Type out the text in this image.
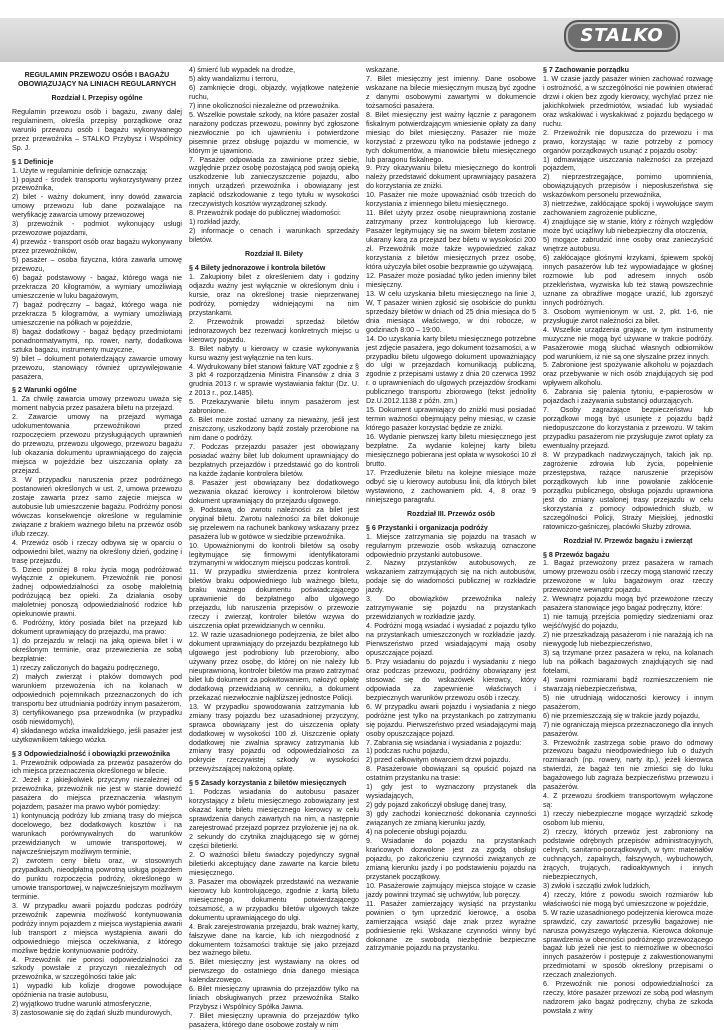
STALKO
REGULAMIN PRZEWOZU OSÓB I BAGAŻU OBOWIĄZUJĄCY NA LINIACH REGULARNYCH
Rozdział I. Przepisy ogólne
Regulamin przewozu osób i bagażu, zwany dalej regulaminem, określa przepisy porządkowe oraz warunki przewozu osób i bagażu wykonywanego przez przewoźnika – STALKO Przybysz i Wspólnicy Sp. J.
§ 1 Definicje
1. Użyte w regulaminie definicje oznaczają:
1) pojazd - środek transportu wykorzystywany przez przewoźnika,
2) bilet - ważny dokument, inny dowód zawarcia umowy przewozu lub dane pozwalające na weryfikację zawarcia umowy przewozowej
3) przewoźnik - podmiot wykonujący usługi przewozowe pojazdami,
4) przewóz - transport osób oraz bagażu wykonywany przez przewoźników,
5) pasażer – osoba fizyczna, która zawarła umowę przewozu,
6) bagaż podstawowy - bagaż, którego waga nie przekracza 20 kilogramów, a wymiary umożliwiają umieszczenie w luku bagażowym,
7) bagaż podręczny – bagaż, którego waga nie przekracza 5 kilogramów, a wymiary umożliwiają umieszczenie na półkach w pojeździe,
8) bagaż dodatkowy - bagaż będący przedmiotami ponadnormatywnymi, np. rower, narty, dodatkowa sztuka bagażu, instrumenty muzyczne,
9) bilet – dokument potwierdzający zawarcie umowy przewozu, stanowiący również uprzywilejowanie pasażera,
§ 2 Warunki ogólne
1. Za chwilę zawarcia umowy przewozu uważa się moment nabycia przez pasażera biletu na przejazd.
2. Zawarcie umowy na przejazd wymaga udokumentowania przewoźnikowi przed rozpoczęciem przewozu przysługujących uprawnień do przewozu, przewozu ulgowego, przewozu bagażu lub okazania dokumentu uprawniającego do zajęcia miejsca w pojeździe bez uiszczania opłaty za przejazd.
3. W przypadku naruszenia przez podróżnego postanowień określonych w ust. 2, umowa przewozu zostaje zawarta przez samo zajęcie miejsca w autobusie lub umieszczenie bagażu. Podróżny ponosi wówczas konsekwencje określone w regulaminie związane z brakiem ważnego biletu na przewóz osób i/lub rzeczy.
4. Przewóz osób i rzeczy odbywa się w oparciu o odpowiedni bilet, ważny na określony dzień, godzinę i trasę przejazdu.
5. Dzieci poniżej 8 roku życia mogą podróżować wyłącznie z opiekunem. Przewoźnik nie ponosi żadnej odpowiedzialności za osobę małoletnią podróżującą bez opieki. Za działania osoby małoletniej ponoszą odpowiedzialność rodzice lub opiekunowie prawni.
6. Podróżny, który posiada bilet na przejazd lub dokument uprawniający do przejazdu, ma prawo:
1) do przejazdu w relacji na jaką opiewa bilet i w określonym terminie, oraz przewiezienia ze sobą bezpłatnie:
1) rzeczy zaliczonych do bagażu podręcznego,
2) małych zwierząt i ptaków domowych pod warunkiem przewożenia ich na kolanach w odpowiednich pojemnikach przeznaczonych do ich transportu bez utrudniania podróży innym pasażerom,
3) certyfikowanego psa przewodnika (w przypadku osób niewidomych),
4) składanego wózka inwalidzkiego, jeśli pasażer jest użytkownikiem takiego wózka.
§ 3 Odpowiedzialność i obowiązki przewoźnika
1. Przewoźnik odpowiada za przewóz pasażerów do ich miejsca przeznaczenia określonego w bilecie.
2. Jeżeli z jakiejkolwiek przyczyny niezależnej od przewoźnika, przewoźnik nie jest w stanie dowieźć pasażera do miejsca przeznaczenia własnym pojazdem, pasażer ma prawo wybór pomiędzy:
1) kontynuacją podróży lub zmianą trasy do miejsca docelowego, bez dodatkowych kosztów i na warunkach porównywalnych do warunków przewidzianych w umowie transportowej, w najwcześniejszym możliwym terminie,
2) zwrotem ceny biletu oraz, w stosownych przypadkach, nieodpłatną powrotną usługą pojazdem do punktu rozpoczęcia podróży, określonego w umowie transportowej, w najwcześniejszym możliwym terminie.
3. W przypadku awarii pojazdu podczas podróży przewoźnik zapewnia możliwość kontynuowania podróży innym pojazdem z miejsca wystąpienia awarii lub transport z miejsca wystąpienia awarii do odpowiedniego miejsca oczekiwania, z którego możliwe będzie kontynuowanie podróży.
4. Przewoźnik nie ponosi odpowiedzialności za szkody powstałe z przyczyn niezależnych od przewoźnika, w szczególności takie jak:
1) wypadki lub kolizje drogowe powodujące opóźnienia na trasie autobusu,
2) wyjątkowo trudne warunki atmosferyczne,
3) zastosowanie się do żądań służb mundurowych,
4) śmierć lub wypadek na drodze,
5) akty wandalizmu i terroru,
6) zamknięcie drogi, objazdy, wyjątkowe natężenie ruchu,
7) inne okoliczności niezależne od przewoźnika.
5. Wszelkie powstałe szkody, na które pasażer został narażony podczas przewozu, powinny być zgłoszone niezwłocznie po ich ujawnieniu i potwierdzone pisemnie przez obsługę pojazdu w momencie, w którym je ujawniono.
7. Pasażer odpowiada za zawinione przez siebie, względnie przez osobę pozostającą pod swoją opieką uszkodzenie lub zanieczyszczenie pojazdu, albo innych urządzeń przewoźnika i obowiązany jest zapłacić odszkodowanie z tego tytułu w wysokości rzeczywistych kosztów wyrządzonej szkody.
8. Przewoźnik podaje do publicznej wiadomości:
1) rozkład jazdy,
2) informacje o cenach i warunkach sprzedaży biletów.
Rozdział II. Bilety
§ 4 Bilety jednorazowe i kontrola biletów
1. Zakupiony bilet z określeniem daty i godziny odjazdu ważny jest wyłącznie w określonym dniu i kursie, oraz na określonej trasie nieprzerwanej podróży, pomiędzy widniejącymi na nim przystankami.
2. Przewoźnik prowadzi sprzedaż biletów jednorazowych bez rezerwacji konkretnych miejsc u kierowcy pojazdu.
3. Bilet nabyty u kierowcy w czasie wykonywania kursu ważny jest wyłącznie na ten kurs.
4. Wydrukowany bilet stanowi fakturę VAT zgodnie z § 3 pkt 4 rozporządzenia Ministra Finansów z dnia 3 grudnia 2013 r. w sprawie wystawiania faktur (Dz. U. z 2013 r., poz.1485).
5. Przekazywanie biletu innym pasażerom jest zabronione.
6. Bilet może zostać uznany za nieważny, jeśli jest zniszczony, uszkodzony bądź zostały przerobione na nim dane o podróży.
7. Podczas przejazdu pasażer jest obowiązany posiadać ważny bilet lub dokument uprawniający do bezpłatnych przejazdów i przedstawić go do kontroli na każde żądanie kontrolera biletów.
8. Pasażer jest obowiązany bez dodatkowego wezwania okazać kierowcy i kontrolerowi biletów dokument uprawniający do przejazdu ulgowego.
9. Podstawą do zwrotu należności za bilet jest oryginał biletu. Zwrotu należności za bilet dokonuje się przelewem na rachunek bankowy wskazany przez pasażera lub w gotówce w siedzibie przewoźnika.
10. Upoważnionymi do kontroli biletów są osoby legitymujące się firmowymi identyfikatorami trzymanymi w widocznym miejscu podczas kontroli.
11. W przypadku stwierdzenia przez kontrolera biletów braku odpowiedniego lub ważnego biletu, braku ważnego dokumentu poświadczającego uprawnienie do bezpłatnego albo ulgowego przejazdu, lub naruszenia przepisów o przewozie rzeczy i zwierząt, kontroler biletów wzywa do uiszczenia opłat przewidzianych w cenniku.
12. W razie uzasadnionego podejrzenia, że bilet albo dokument uprawniający do przejazdu bezpłatnego lub ulgowego jest podrobiony lub przerobiony, albo używany przez osobę, do której on nie należy lub nieuprawnioną, kontroler biletów ma prawo zatrzymać bilet lub dokument za pokwitowaniem, nałożyć opłatę dodatkową przewidzianą w cenniku, a dokument przekazać niezwłocznie najbliższej jednostce Policji.
13. W przypadku spowodowania zatrzymania lub zmiany trasy pojazdu bez uzasadnionej przyczyny, sprawca obowiązany jest do uiszczenia opłaty dodatkowej w wysokości 100 zł. Uiszczenie opłaty dodatkowej nie zwalnia sprawcy zatrzymania lub zmiany trasy pojazdu od odpowiedzialności za pokrycie rzeczywistej szkody w wysokości przewyższającej nałożoną opłatę.
§ 5 Zasady korzystania z biletów miesięcznych
1. Podczas wsiadania do autobusu pasażer korzystający z biletu miesięcznego zobowiązany jest okazać kartę biletu miesięcznego kierowcy w celu sprawdzenia danych zawartych na nim, a następnie zarejestrować przejazd poprzez przyłożenie jej na ok. 2 sekundy do czytnika znajdującego się w górnej części biletierki.
2. O ważności biletu świadczy pojedynczy sygnał biletierki akceptujący dane zawarte na karcie biletu miesięcznego.
3. Pasażer ma obowiązek przedstawić na wezwanie kierowcy lub kontrolującego, zgodnie z kartą biletu miesięcznego, dokumentu potwierdzającego tożsamość, a w przypadku biletów ulgowych także dokumentu uprawniającego do ulgi.
4. Brak zarejestrowania przejazdu, brak ważnej karty, fałszywe dane na karcie, lub ich niezgodność z dokumentem tożsamości traktuje się jako przejazd bez ważnego biletu.
5. Bilet miesięczny jest wystawiany na okres od pierwszego do ostatniego dnia danego miesiąca kalendarzowego.
6. Bilet miesięczny uprawnia do przejazdów tylko na liniach obsługiwanych przez przewoźnika Stalko Przybysz i Wspólnicy Spółka Jawna.
7. Bilet miesięczny uprawnia do przejazdów tylko pasażera, którego dane osobowe zostały w nim
wskazane.
7. Bilet miesięczny jest imienny. Dane osobowe wskazane na bilecie miesięcznym muszą być zgodne z danymi osobowymi zawartymi w dokumencie tożsamości pasażera.
8. Bilet miesięczny jest ważny łącznie z paragonem fiskalnym potwierdzającym wniesienie opłaty za dany miesiąc do bilet miesięczny. Pasażer nie może korzystać z przewozu tylko na podstawie jednego z tych dokumentów, a mianowicie biletu miesięcznego lub paragonu fiskalnego.
9. Przy okazywaniu biletu miesięcznego do kontroli należy przedstawić dokument uprawniający pasażera do korzystania ze zniżki.
10. Pasażer nie może upoważniać osób trzecich do korzystania z imiennego biletu miesięcznego.
11. Bilet użyty przez osobę nieuprawnioną zostanie zatrzymany przez kontrolującego lub kierowcę. Pasażer legitymujący się na swoim biletem zostanie ukarany karą za przejazd bez biletu w wysokości 200 zł. Przewoźnik może także wypowiedzieć zakaz korzystania z biletów miesięcznych przez osobę, która użyczyła bilet osobie bezprawnie go używającą.
12. Pasażer może posiadać tylko jeden imienny bilet miesięczny.
13. W celu uzyskania biletu miesięcznego na linie J, W, T pasażer winien zgłosić się osobiście do punktu sprzedaży biletów w dniach od 25 dnia miesiąca do 5 dnia miesiąca właściwego, w dni robocze, w godzinach 8:00 – 19:00.
14. Do uzyskania karty biletu miesięcznego potrzebne jest zdjęcie pasażera, jego dokument tożsamości, a w przypadku biletu ulgowego dokument upoważniający do ulgi w przejazdach komunikacją publiczną, zgodnie z przepisami ustawy z dnia 20 czerwca 1992 r. o uprawnieniach do ulgowych przejazdów środkami publicznego transportu zbiorowego (tekst jednolity Dz.U.2012.1138 z późn. zm.)
15. Dokument uprawniający do zniżki musi posiadać termin ważności obejmujący pełny miesiąc, w czasie którego pasażer korzystać będzie ze zniżki.
16. Wydanie pierwszej karty biletu miesięcznego jest bezpłatne. Za wydanie kolejnej karty biletu miesięcznego pobierana jest opłata w wysokości 10 zł brutto.
17. Przedłużenie biletu na kolejne miesiące może odbyć się u kierowcy autobusu linii, dla których bilet wystawiono, z zachowaniem pkt. 4, 8 oraz 9 niniejszego paragrafu.
Rozdział III. Przewóz osób
§ 6 Przystanki i organizacja podróży
1. Miejsce zatrzymania się pojazdu na trasach w regularnym przewozie osób wskazują oznaczone odpowiednio przystanki autobusowe.
2. Nazwy przystanków autobusowych, ze wskazaniem zatrzymujących się na nich autobusów, podaje się do wiadomości publicznej w rozkładzie jazdy.
3. Do obowiązków przewoźnika należy zatrzymywanie się pojazdu na przystankach przewidzianych w rozkładzie jazdy.
4. Podróżni mogą wsiadać i wysiadać z pojazdu tylko na przystankach umieszczonych w rozkładzie jazdy. Pierwszeństwo przed wsiadającymi mają osoby opuszczające pojazd.
5. Przy wsiadaniu do pojazdu i wysiadaniu z niego oraz podczas przewozu, podróżny obowiązany jest stosować się do wskazówek kierowcy, który odpowiada za zapewnienie właściwych i bezpiecznych warunków przewozu osób i rzeczy.
6. W przypadku awarii pojazdu i wysiadania z niego podróżne jest tylko na przystankach po zatrzymaniu się pojazdu. Pierwszeństwo przed wsiadającymi mają osoby opuszczające pojazd.
7. Zabrania się wsiadania i wysiadania z pojazdu:
1) podczas ruchu pojazdu,
2) przed całkowitym otwarciem drzwi pojazdu.
8. Pasażerowie obowiązani są opuścić pojazd na ostatnim przystanku na trasie:
1) gdy jest to wyznaczony przystanek dla wysiadających,
2) gdy pojazd zakończył obsługę danej trasy,
3) gdy zachodzi konieczność dokonania czynności związanych ze zmianą kierunku jazdy,
4) na polecenie obsługi pojazdu.
9. Wsiadanie do pojazdu na przystankach krańcowych dozwolone jest za zgodą obsługi pojazdu, po zakończeniu czynności związanych ze zmianą kierunku jazdy i po podstawieniu pojazdu na przystanek początkowy.
10. Pasażerowie zajmujący miejsca stojące w czasie jazdy powinni trzymać się uchwytów, lub poręczy.
11. Pasażer zamierzający wysiąść na przystanku powinien o tym uprzedzić kierowcę, a osoba zamierzająca wsiąść daje znak przez wyraźne podniesienie ręki. Wskazane czynności winny być dokonane ze swobodą niezbędnie bezpieczne zatrzymanie pojazdu na przystanku.
§ 7 Zachowanie porządku
1. W czasie jazdy pasażer winien zachować rozwagę i ostrożność, a w szczególności nie powinien otwierać drzwi i okien bez zgody kierowcy, wychylać przez nie jakichkolwiek przedmiotów, wsiadać lub wysiadać oraz wskakiwać i wyskakiwać z pojazdu będącego w ruchu.
2. Przewoźnik nie dopuszcza do przewozu i ma prawo, korzystając w razie potrzeby z pomocy organów porządkowych usunąć z pojazdu osoby:
1) odmawiające uiszczania należności za przejazd pojazdem,
2) nieprzestrzegające, pomimo upomnienia, obowiązujących przepisów i nieposłuszeństwa się wskazówkom personelu przewoźnika,
3) nietrzeźwe, zakłócające spokój i wywołujące swym zachowaniem zagrożenie publiczne,
4) znajdujące się w stanie, który z różnych względów może być uciążliwy lub niebezpieczny dla otoczenia,
5) mogące zabrudzić inne osoby oraz zanieczyścić wnętrze autobusu.
6) zakłócające głośnymi krzykami, śpiewem spokój innych pasażerów lub też wypowiadające w głośnej rozmowie lub pod adresem innych osób przekleństwa, wyzwiska lub też stawą powszechnie uznane za obraźliwe mogące urazić, lub zgorszyć innych podróżnych.
3. Osobom wymienionym w ust. 2, pkt. 1-6, nie przysługuje zwrot należności za bilet.
4. Wszelkie urządzenia grające, w tym instrumenty muzyczne nie mogą być używane w trakcie podróży. Pasażerowie mogą słuchać własnych odbiorników pod warunkiem, iż nie są one słyszalne przez innych.
5. Zabronione jest spożywanie alkoholu w pojazdach oraz przebywanie w nich osób znajdujących się pod wpływem alkoholu.
6. Zabrania się palenia tytoniu, e-papierosów w pojazdach i zażywania substancji odurzających.
7. Osoby zagrażające bezpieczeństwu lub porządkowi mogą być usunięte z pojazdu bądź niedopuszczone do korzystania z przewozu. W takim przypadku pasażerom nie przysługuje zwrot opłaty za ewentualny przejazd.
8. W przypadkach nadzwyczajnych, takich jak np. zagrożenie zdrowia lub życia, popełnienie przestępstwa, rażące naruszenie przepisów porządkowych lub inne powołanie zakłócenie porządku publicznego, obsługa pojazdu uprawniona jest do zmiany ustalonej trasy przejazdu w celu skorzystania z pomocy odpowiednich służb, w szczególności Policji, Straży Miejskiej, jednostki ratowniczo-gaśniczej, placówki Służby zdrowia.
Rozdział IV. Przewóz bagażu i zwierząt
§ 8 Przewóz bagażu
1. Bagaż przewożony przez pasażera w ramach umowy przewozu osób i rzeczy mogą stanowić rzeczy przewożone w luku bagażowym oraz rzeczy przewożone wewnątrz pojazdu.
2. Wewnątrz pojazdu mogą być przewożone rzeczy pasażera stanowiące jego bagaż podręczny, które:
1) nie tamują przejścia pomiędzy siedzeniami oraz wejść/wyjść do pojazdu,
2) nie przeszkadzają pasażerom i nie narażają ich na niewygodę lub niebezpieczeństwo,
3) są trzymane przez pasażera w ręku, na kolanach lub na półkach bagażowych znajdujących się nad fotelami,
4) swoimi rozmiarami bądź rozmieszczeniem nie stwarzają niebezpieczeństwa,
5) nie utrudniają widoczności kierowcy i innym pasażerom,
6) nie przemieszczają się w trakcie jazdy pojazdu,
7) nie ograniczają miejsca przeznaczonego dla innych pasażerów.
3. Przewoźnik zastrzega sobie prawo do odmowy przewozu bagażu nieodpowiedniego lub o dużych rozmiarach (np. rowery, narty itp.), jeżeli kierowca stwierdzi, że bagaż ten nie zmieści się do luku bagażowego lub zagraża bezpieczeństwu przewozu i pasażerów.
4. Z przewozu środkiem transportowym wyłączone są:
1) rzeczy niebezpieczne mogące wyrządzić szkodę osobom lub mieniu,
2) rzeczy, których przewóz jest zabroniony na podstawie odrębnych przepisów administracyjnych, celnych, sanitarno-porządkowych, w tym: materiałów cuchnących, zapalnych, fałszywych, wybuchowych, żrących, trujących, radioaktywnych i innych niebezpiecznych,
3) zwłoki i szczątki zwłok ludzkich,
4) rzeczy, które z powodu swoich rozmiarów lub właściwości nie mogą być umieszczone w pojeździe,
5. W razie uzasadnionego podejrzenia kierowca może sprawdzić, czy zawartość przesyłki bagażowej nie narusza powyższego wyłączenia. Kierowca dokonuje sprawdzenia w obecności podróżnego przewożącego bagaż lub jeżeli nie jest to niemożliwe w obecności innych pasażerów i postępuje z zakwestionowanymi przedmiotami w sposób określony przepisami o rzeczach znalezionych.
6. Przewoźnik nie ponosi odpowiedzialności za rzeczy, które pasażer przewozi ze sobą pod własnym nadzorem jako bagaż podręczny, chyba że szkoda powstała z winy
